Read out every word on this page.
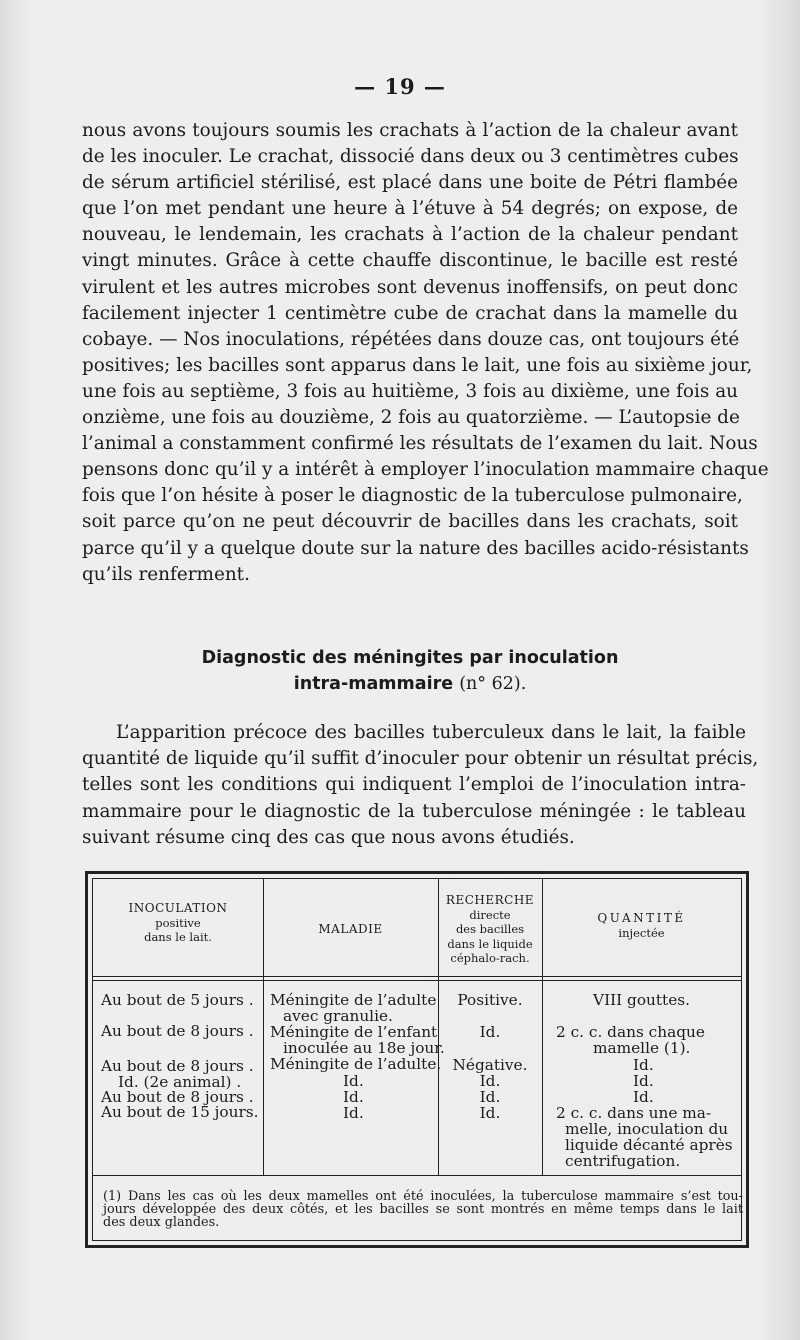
— 19 —
nous avons toujours soumis les crachats à l’action de la chaleur avant
de les inoculer. Le crachat, dissocié dans deux ou 3 centimètres cubes
de sérum artificiel stérilisé, est placé dans une boite de Pétri flambée
que l’on met pendant une heure à l’étuve à 54 degrés; on expose, de
nouveau, le lendemain, les crachats à l’action de la chaleur pendant
vingt minutes. Grâce à cette chauffe discontinue, le bacille est resté
virulent et les autres microbes sont devenus inoffensifs, on peut donc
facilement injecter 1 centimètre cube de crachat dans la mamelle du
cobaye. — Nos inoculations, répétées dans douze cas, ont toujours été
positives; les bacilles sont apparus dans le lait, une fois au sixième jour,
une fois au septième, 3 fois au huitième, 3 fois au dixième, une fois au
onzième, une fois au douzième, 2 fois au quatorzième. — L’autopsie de
l’animal a constamment confirmé les résultats de l’examen du lait. Nous
pensons donc qu’il y a intérêt à employer l’inoculation mammaire chaque
fois que l’on hésite à poser le diagnostic de la tuberculose pulmonaire,
soit parce qu’on ne peut découvrir de bacilles dans les crachats, soit
parce qu’il y a quelque doute sur la nature des bacilles acido-résistants
qu’ils renferment.
Diagnostic des méningites par inoculation
intra-mammaire (n° 62).
L’apparition précoce des bacilles tuberculeux dans le lait, la faible
quantité de liquide qu’il suffit d’inoculer pour obtenir un résultat précis,
telles sont les conditions qui indiquent l’emploi de l’inoculation intra-
mammaire pour le diagnostic de la tuberculose méningée : le tableau
suivant résume cinq des cas que nous avons étudiés.
INOCULATION
positive
dans le lait.
MALADIE
RECHERCHE
directe
des bacilles
dans le liquide
céphalo-rach.
QUANTITÉ
injectée
Au bout de 5 jours .
Au bout de 8 jours .
Au bout de 8 jours .
Id. (2e animal) .
Au bout de 8 jours .
Au bout de 15 jours.
Méningite de l’adulte
avec granulie.
Méningite de l’enfant
inoculée au 18e jour.
Méningite de l’adulte.
Id.
Id.
Id.
Positive.
Id.
Négative.
Id.
Id.
Id.
VIII gouttes.
2 c. c. dans chaque
mamelle (1).
Id.
Id.
Id.
2 c. c. dans une ma-
melle, inoculation du
liquide décanté après
centrifugation.
(1) Dans les cas où les deux mamelles ont été inoculées, la tuberculose mammaire s’est tou-
jours développée des deux côtés, et les bacilles se sont montrés en même temps dans le lait
des deux glandes.
